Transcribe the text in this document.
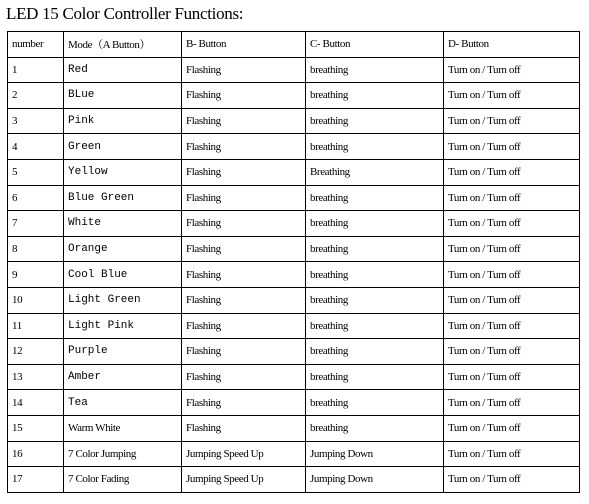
LED 15 Color Controller Functions:
number	Mode（A Button）	B- Button	C- Button	D- Button
1	Red	Flashing	breathing	Turn on / Turn off
2	BLue	Flashing	breathing	Turn on / Turn off
3	Pink	Flashing	breathing	Turn on / Turn off
4	Green	Flashing	breathing	Turn on / Turn off
5	Yellow	Flashing	Breathing	Turn on / Turn off
6	Blue Green	Flashing	breathing	Turn on / Turn off
7	White	Flashing	breathing	Turn on / Turn off
8	Orange	Flashing	breathing	Turn on / Turn off
9	Cool Blue	Flashing	breathing	Turn on / Turn off
10	Light Green	Flashing	breathing	Turn on / Turn off
11	Light Pink	Flashing	breathing	Turn on / Turn off
12	Purple	Flashing	breathing	Turn on / Turn off
13	Amber	Flashing	breathing	Turn on / Turn off
14	Tea	Flashing	breathing	Turn on / Turn off
15	Warm White	Flashing	breathing	Turn on / Turn off
16	7 Color Jumping	Jumping Speed Up	Jumping Down	Turn on / Turn off
17	7 Color Fading	Jumping Speed Up	Jumping Down	Turn on / Turn off
